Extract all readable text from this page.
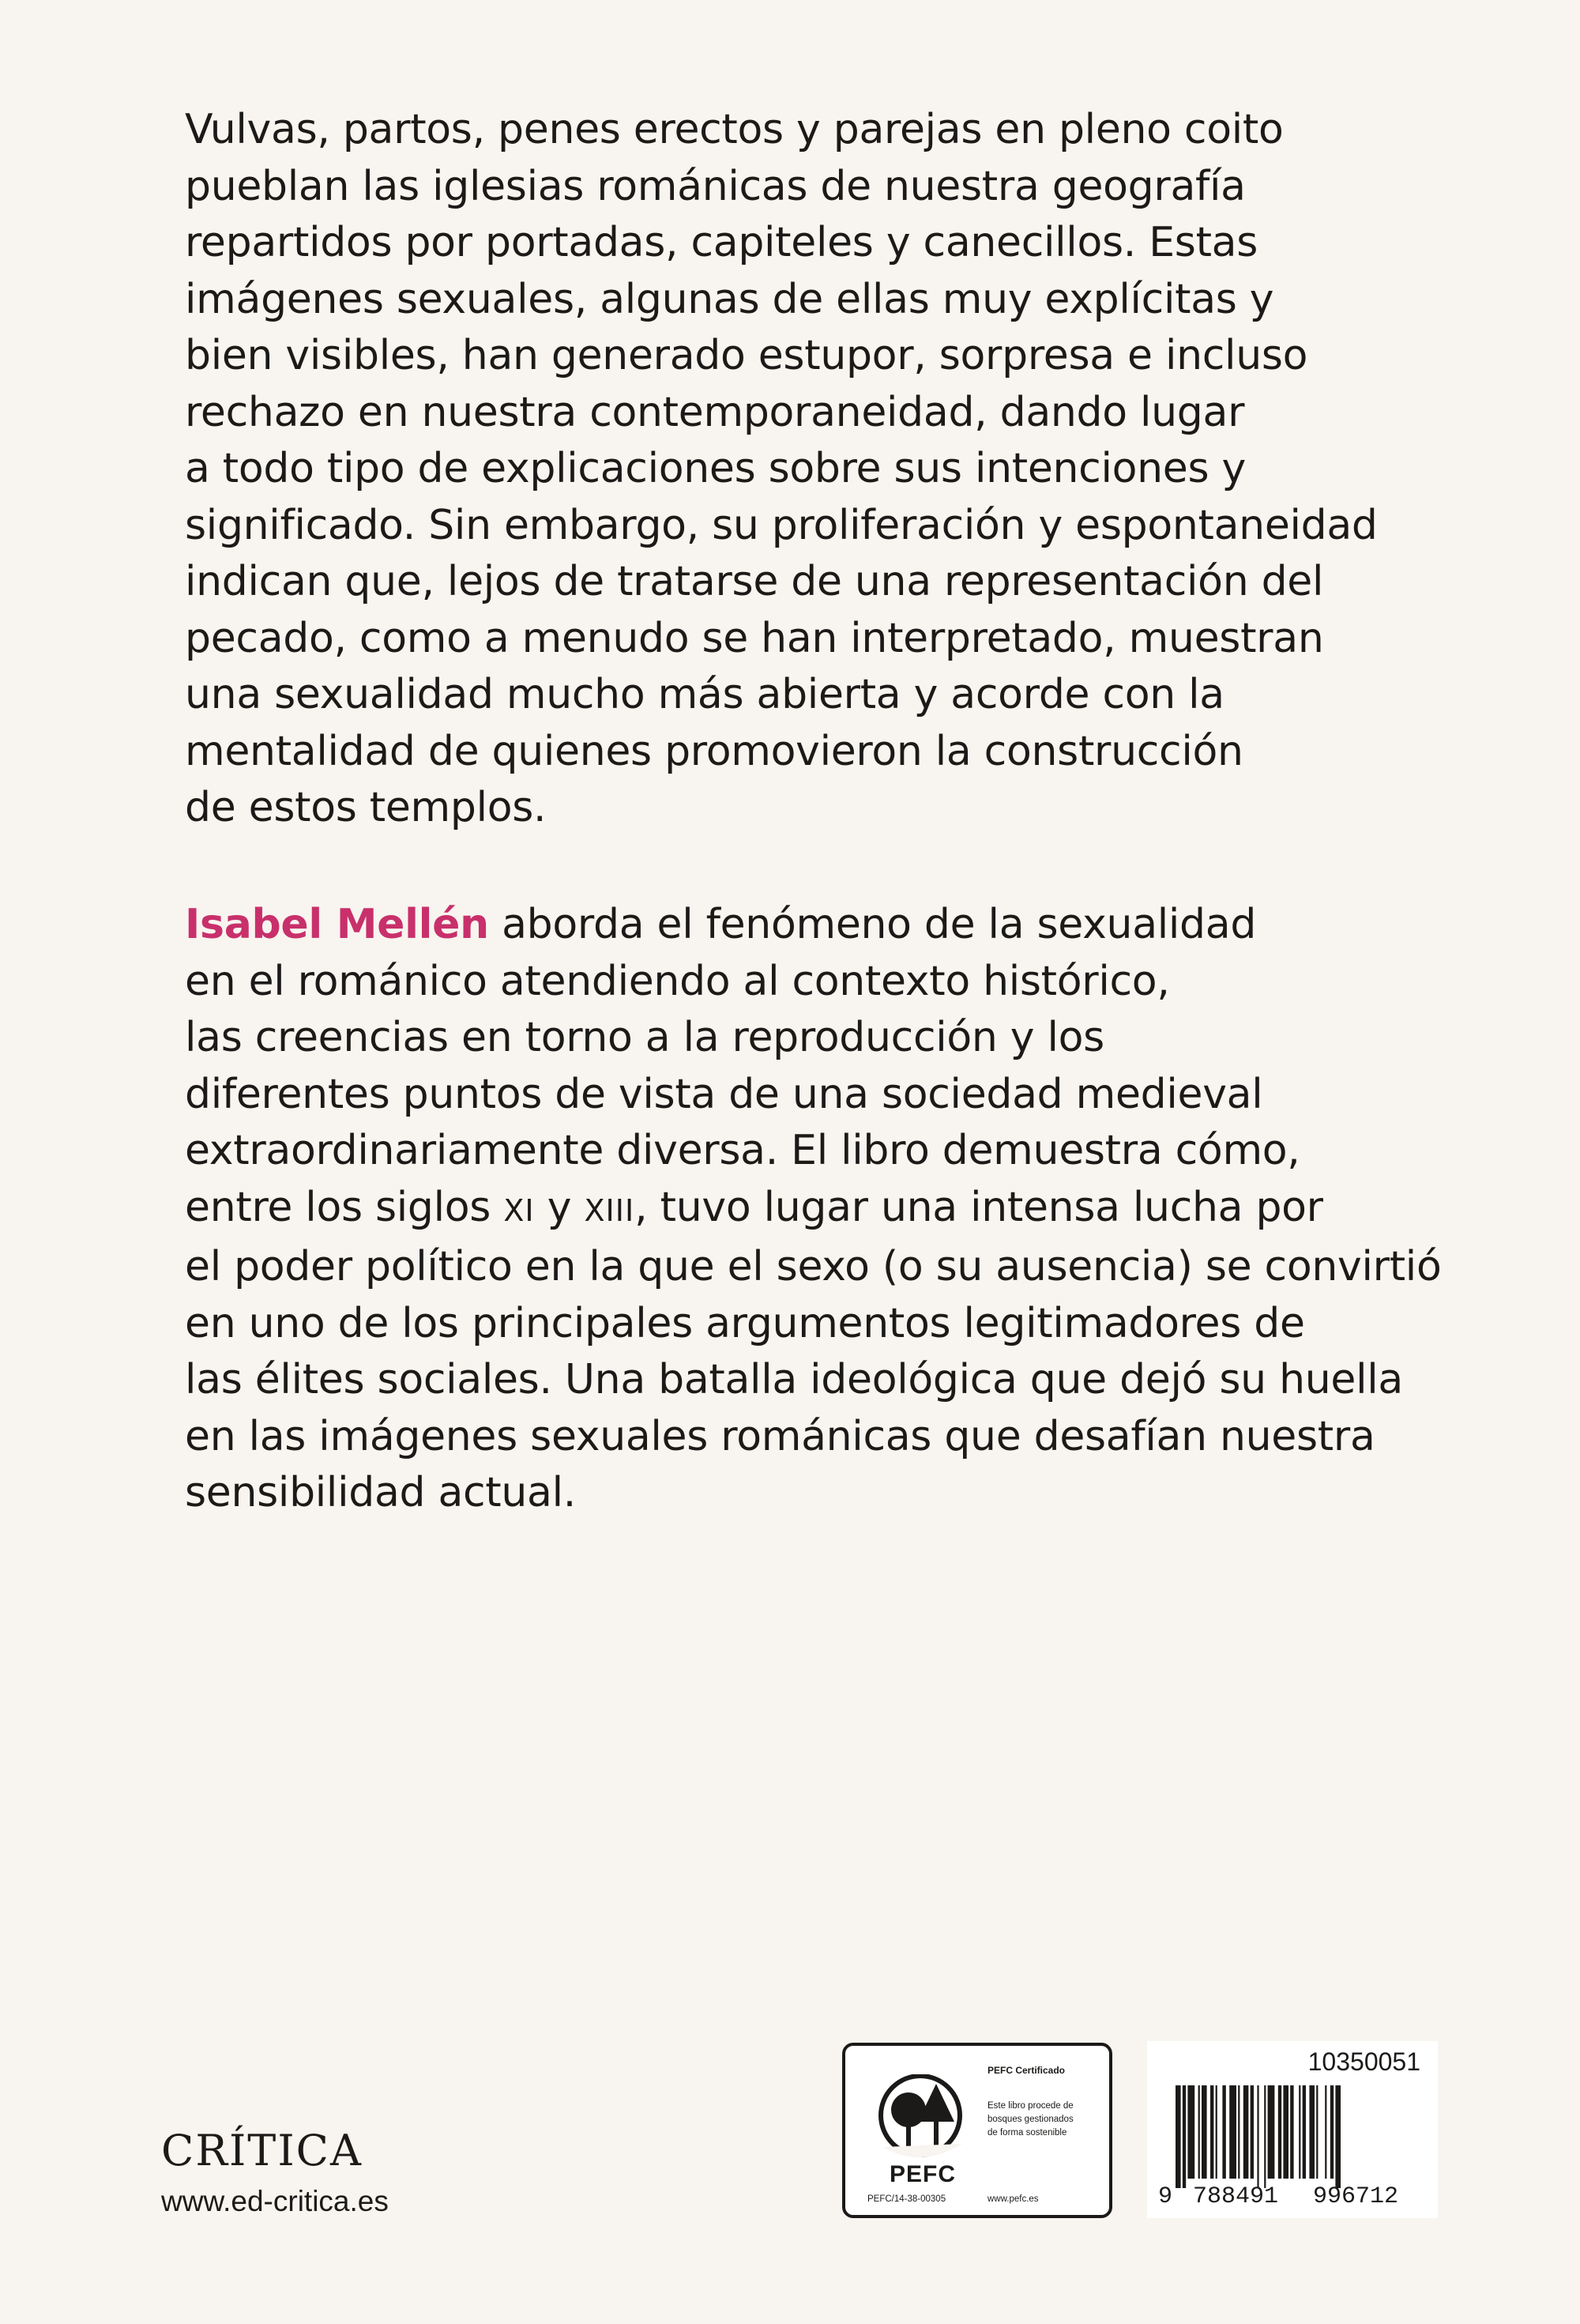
Vulvas, partos, penes erectos y parejas en pleno coito
pueblan las iglesias románicas de nuestra geografía
repartidos por portadas, capiteles y canecillos. Estas
imágenes sexuales, algunas de ellas muy explícitas y
bien visibles, han generado estupor, sorpresa e incluso
rechazo en nuestra contemporaneidad, dando lugar
a todo tipo de explicaciones sobre sus intenciones y
significado. Sin embargo, su proliferación y espontaneidad
indican que, lejos de tratarse de una representación del
pecado, como a menudo se han interpretado, muestran
una sexualidad mucho más abierta y acorde con la
mentalidad de quienes promovieron la construcción
de estos templos.
Isabel Mellén aborda el fenómeno de la sexualidad
en el románico atendiendo al contexto histórico,
las creencias en torno a la reproducción y los
diferentes puntos de vista de una sociedad medieval
extraordinariamente diversa. El libro demuestra cómo,
entre los siglos XI y XIII, tuvo lugar una intensa lucha por
el poder político en la que el sexo (o su ausencia) se convirtió
en uno de los principales argumentos legitimadores de
las élites sociales. Una batalla ideológica que dejó su huella
en las imágenes sexuales románicas que desafían nuestra
sensibilidad actual.
CRÍTICA
www.ed-critica.es
PEFC
PEFC/14-38-00305
PEFC Certificado
Este libro procede de
bosques gestionados
de forma sostenible
www.pefc.es
10350051
9 788491 996712
